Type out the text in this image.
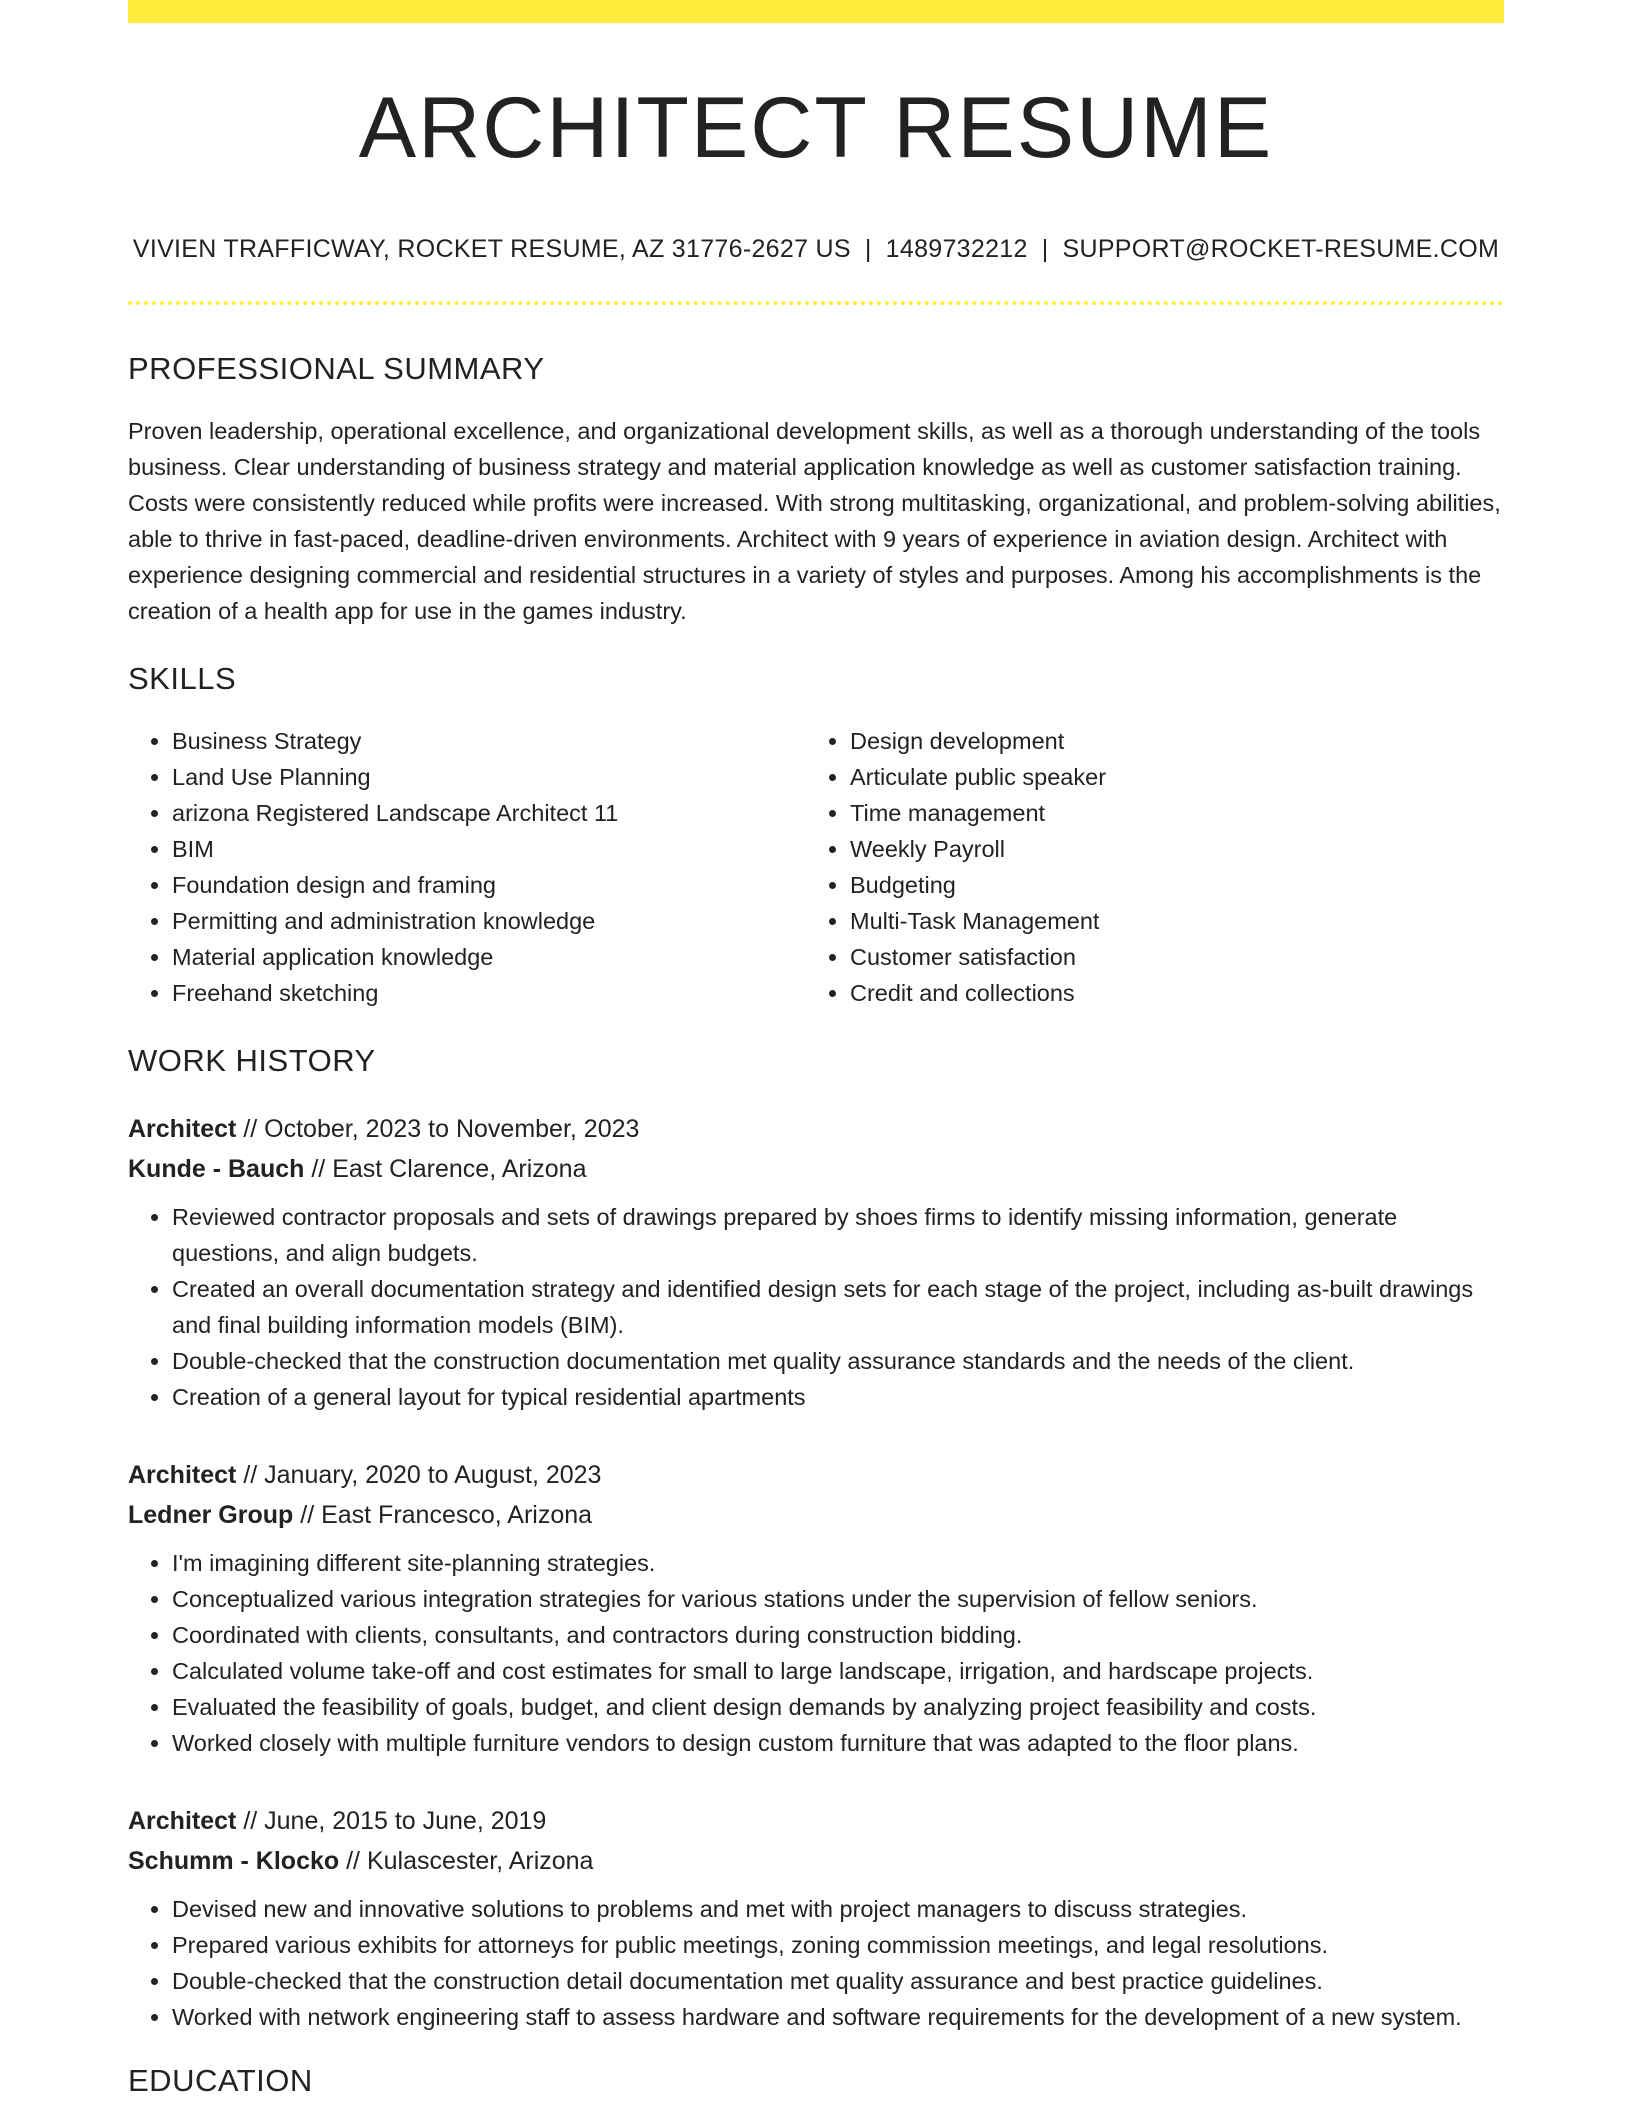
ARCHITECT RESUME
VIVIEN TRAFFICWAY, ROCKET RESUME, AZ 31776-2627 US | 1489732212 | SUPPORT@ROCKET-RESUME.COM
PROFESSIONAL SUMMARY

Proven leadership, operational excellence, and organizational development skills, as well as a thorough understanding of the tools business. Clear understanding of business strategy and material application knowledge as well as customer satisfaction training. Costs were consistently reduced while profits were increased. With strong multitasking, organizational, and problem-solving abilities, able to thrive in fast-paced, deadline-driven environments. Architect with 9 years of experience in aviation design. Architect with experience designing commercial and residential structures in a variety of styles and purposes. Among his accomplishments is the creation of a health app for use in the games industry.

SKILLS
• Business Strategy
• Land Use Planning
• arizona Registered Landscape Architect 11
• BIM
• Foundation design and framing
• Permitting and administration knowledge
• Material application knowledge
• Freehand sketching
• Design development
• Articulate public speaker
• Time management
• Weekly Payroll
• Budgeting
• Multi-Task Management
• Customer satisfaction
• Credit and collections
WORK HISTORY
Architect // October, 2023 to November, 2023
Kunde - Bauch // East Clarence, Arizona
• Reviewed contractor proposals and sets of drawings prepared by shoes firms to identify missing information, generate questions, and align budgets.
• Created an overall documentation strategy and identified design sets for each stage of the project, including as-built drawings and final building information models (BIM).
• Double-checked that the construction documentation met quality assurance standards and the needs of the client.
• Creation of a general layout for typical residential apartments
Architect // January, 2020 to August, 2023
Ledner Group // East Francesco, Arizona
• I'm imagining different site-planning strategies.
• Conceptualized various integration strategies for various stations under the supervision of fellow seniors.
• Coordinated with clients, consultants, and contractors during construction bidding.
• Calculated volume take-off and cost estimates for small to large landscape, irrigation, and hardscape projects.
• Evaluated the feasibility of goals, budget, and client design demands by analyzing project feasibility and costs.
• Worked closely with multiple furniture vendors to design custom furniture that was adapted to the floor plans.
Architect // June, 2015 to June, 2019
Schumm - Klocko // Kulascester, Arizona
• Devised new and innovative solutions to problems and met with project managers to discuss strategies.
• Prepared various exhibits for attorneys for public meetings, zoning commission meetings, and legal resolutions.
• Double-checked that the construction detail documentation met quality assurance and best practice guidelines.
• Worked with network engineering staff to assess hardware and software requirements for the development of a new system.
EDUCATION
